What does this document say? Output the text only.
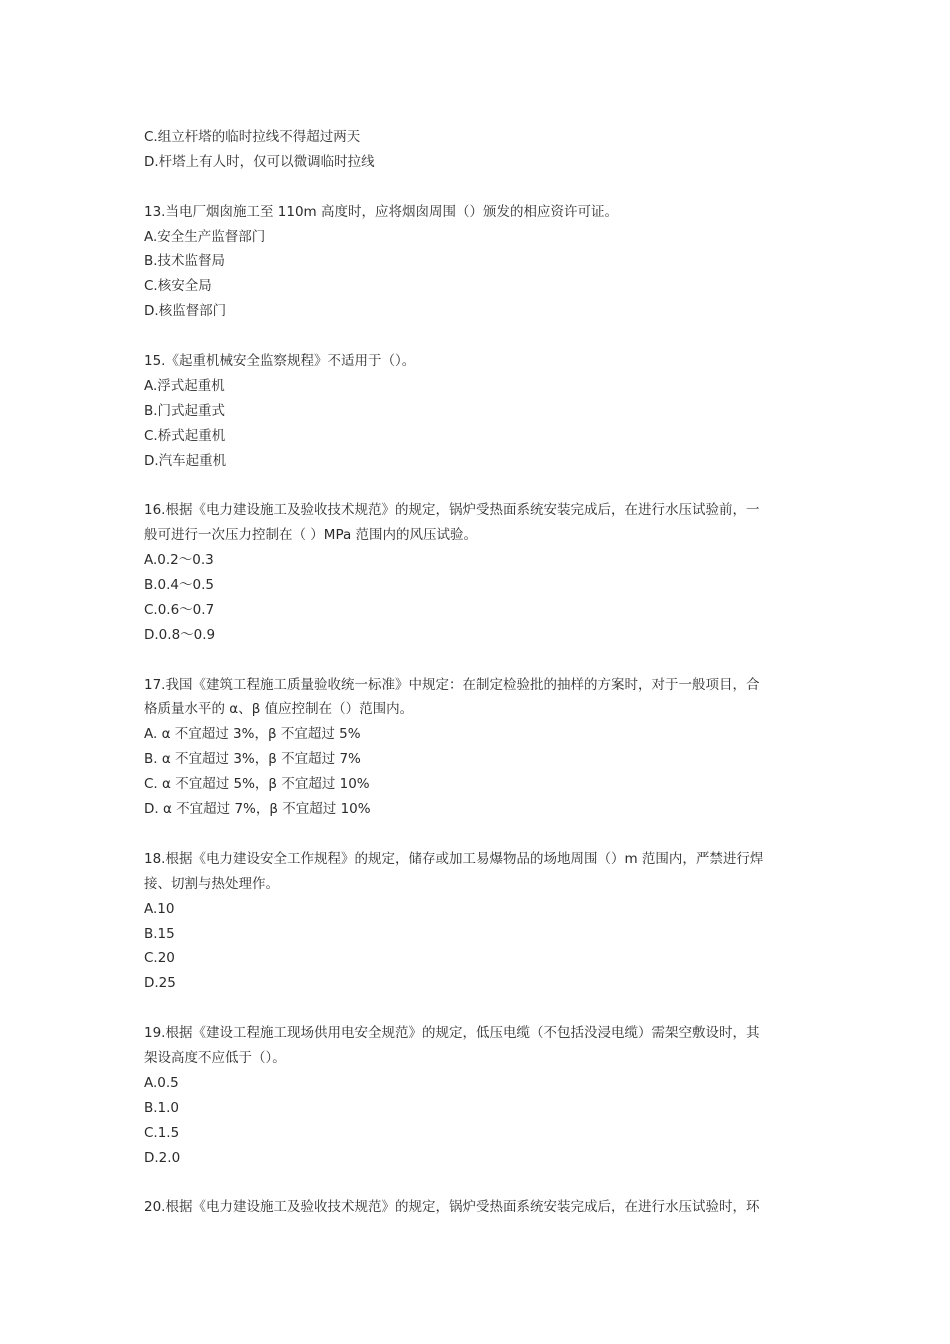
C.组立杆塔的临时拉线不得超过两天
D.杆塔上有人时，仅可以微调临时拉线
13.当电厂烟囱施工至 110m 高度时，应将烟囱周围（）颁发的相应资许可证。
A.安全生产监督部门
B.技术监督局
C.核安全局
D.核监督部门
15.《起重机械安全监察规程》不适用于（）。
A.浮式起重机
B.门式起重式
C.桥式起重机
D.汽车起重机
16.根据《电力建设施工及验收技术规范》的规定，锅炉受热面系统安装完成后，在进行水压试验前，一
般可进行一次压力控制在（ ）MPa 范围内的风压试验。
A.0.2～0.3
B.0.4～0.5
C.0.6～0.7
D.0.8～0.9
17.我国《建筑工程施工质量验收统一标准》中规定：在制定检验批的抽样的方案时，对于一般项目，合
格质量水平的 α、β 值应控制在（）范围内。
A. α 不宜超过 3%，β 不宜超过 5%
B. α 不宜超过 3%，β 不宜超过 7%
C. α 不宜超过 5%，β 不宜超过 10%
D. α 不宜超过 7%，β 不宜超过 10%
18.根据《电力建设安全工作规程》的规定，储存或加工易爆物品的场地周围（）m 范围内，严禁进行焊
接、切割与热处理作。
A.10
B.15
C.20
D.25
19.根据《建设工程施工现场供用电安全规范》的规定，低压电缆（不包括没浸电缆）需架空敷设时，其
架设高度不应低于（）。
A.0.5
B.1.0
C.1.5
D.2.0
20.根据《电力建设施工及验收技术规范》的规定，锅炉受热面系统安装完成后，在进行水压试验时，环
